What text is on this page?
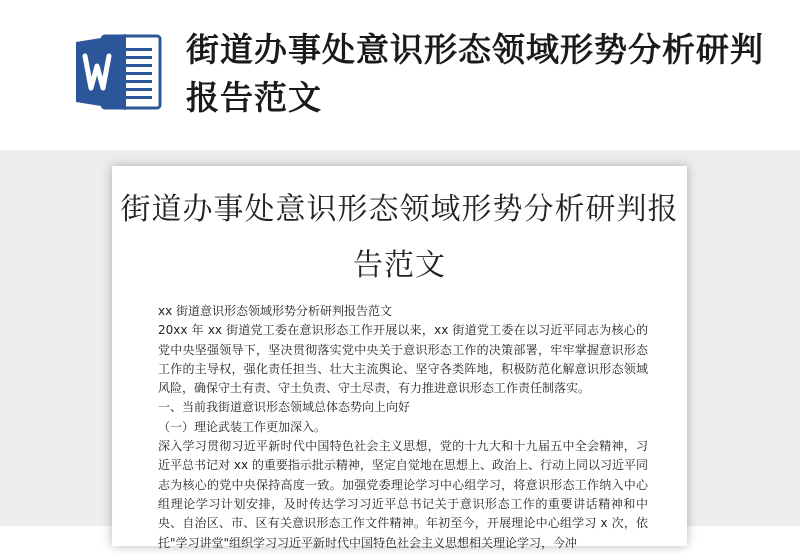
街道办事处意识形态领域形势分析研判报告范文
街道办事处意识形态领域形势分析研判报告范文

xx 街道意识形态领域形势分析研判报告范文

20xx 年 xx 街道党工委在意识形态工作开展以来，xx 街道党工委在以习近平同志为核心的党中央坚强领导下，坚决贯彻落实党中央关于意识形态工作的决策部署，牢牢掌握意识形态工作的主导权，强化责任担当、壮大主流舆论、坚守各类阵地，积极防范化解意识形态领域风险，确保守土有责、守土负责、守土尽责，有力推进意识形态工作责任制落实。

一、当前我街道意识形态领域总体态势向上向好

（一）理论武装工作更加深入。

深入学习贯彻习近平新时代中国特色社会主义思想，党的十九大和十九届五中全会精神，习近平总书记对 xx 的重要指示批示精神，坚定自觉地在思想上、政治上、行动上同以习近平同志为核心的党中央保持高度一致。加强党委理论学习中心组学习，将意识形态工作纳入中心组理论学习计划安排，及时传达学习习近平总书记关于意识形态工作的重要讲话精神和中央、自治区、市、区有关意识形态工作文件精神。年初至今，开展理论中心组学习 x 次，依托"学习讲堂"组织学习习近平新时代中国特色社会主义思想相关理论学习，今冲
